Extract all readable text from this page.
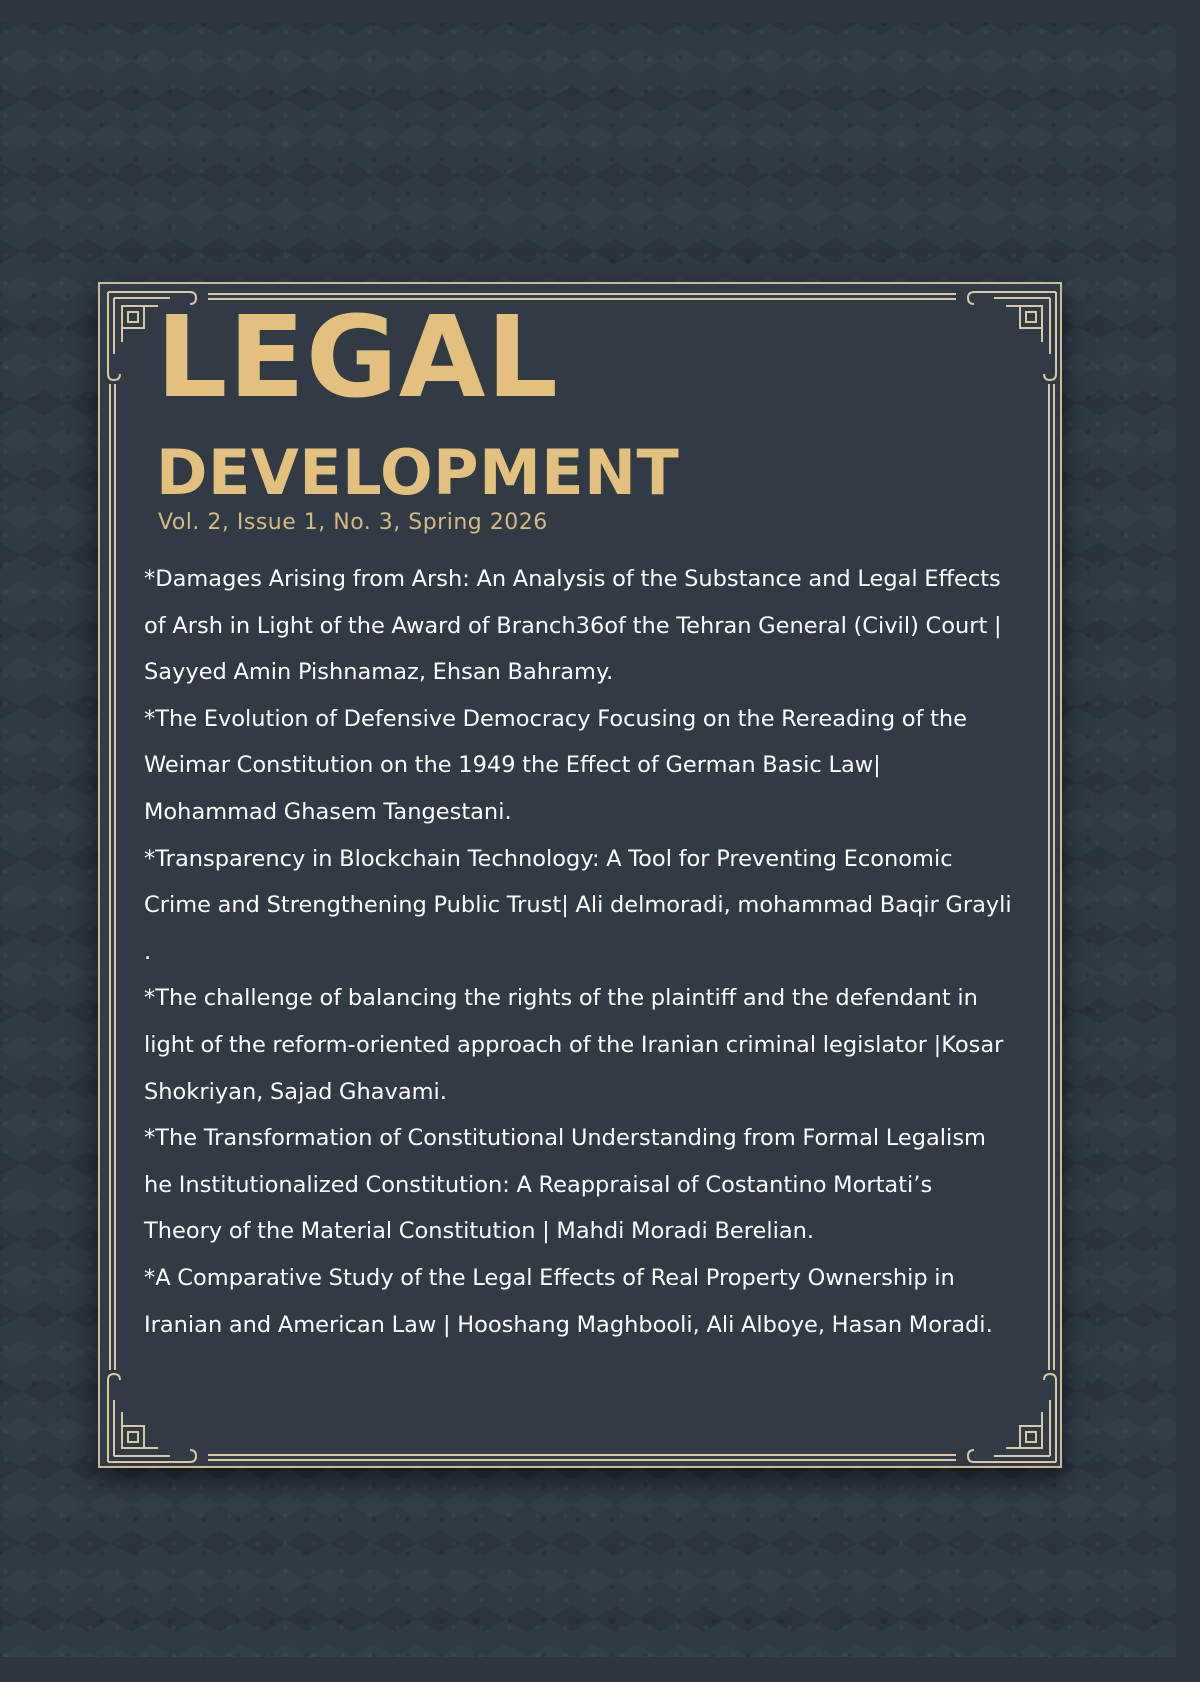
LEGAL
DEVELOPMENT
Vol. 2, Issue 1, No. 3, Spring 2026

*Damages Arising from Arsh: An Analysis of the Substance and Legal Effects of Arsh in Light of the Award of Branch36of the Tehran General (Civil) Court | Sayyed Amin Pishnamaz, Ehsan Bahramy.

*The Evolution of Defensive Democracy Focusing on the Rereading of the Weimar Constitution on the 1949 the Effect of German Basic Law| Mohammad Ghasem Tangestani.

*Transparency in Blockchain Technology: A Tool for Preventing Economic Crime and Strengthening Public Trust| Ali delmoradi, mohammad Baqir Grayli .

*The challenge of balancing the rights of the plaintiff and the defendant in light of the reform-oriented approach of the Iranian criminal legislator |Kosar Shokriyan, Sajad Ghavami.

*The Transformation of Constitutional Understanding from Formal Legalism he Institutionalized Constitution: A Reappraisal of Costantino Mortati’s Theory of the Material Constitution | Mahdi Moradi Berelian.

*A Comparative Study of the Legal Effects of Real Property Ownership in Iranian and American Law | Hooshang Maghbooli, Ali Alboye, Hasan Moradi.
